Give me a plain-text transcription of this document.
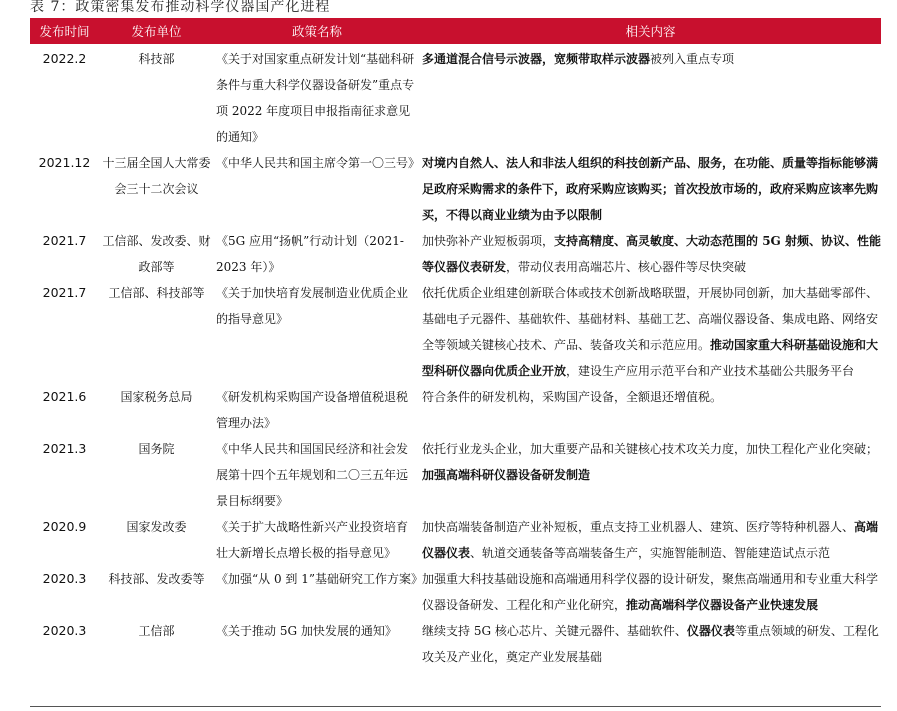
表 7：政策密集发布推动科学仪器国产化进程
发布时间	发布单位	政策名称	相关内容
2022.2	科技部	《关于对国家重点研发计划“基础科研条件与重大科学仪器设备研发”重点专项 2022 年度项目申报指南征求意见的通知》	多通道混合信号示波器，宽频带取样示波器被列入重点专项
2021.12	十三届全国人大常委会三十二次会议	《中华人民共和国主席令第一〇三号》	对境内自然人、法人和非法人组织的科技创新产品、服务，在功能、质量等指标能够满足政府采购需求的条件下，政府采购应该购买；首次投放市场的，政府采购应该率先购买，不得以商业业绩为由予以限制
2021.7	工信部、发改委、财政部等	《5G 应用“扬帆”行动计划（2021-2023 年）》	加快弥补产业短板弱项，支持高精度、高灵敏度、大动态范围的 5G 射频、协议、性能等仪器仪表研发，带动仪表用高端芯片、核心器件等尽快突破
2021.7	工信部、科技部等	《关于加快培育发展制造业优质企业的指导意见》	依托优质企业组建创新联合体或技术创新战略联盟，开展协同创新，加大基础零部件、基础电子元器件、基础软件、基础材料、基础工艺、高端仪器设备、集成电路、网络安全等领域关键核心技术、产品、装备攻关和示范应用。推动国家重大科研基础设施和大型科研仪器向优质企业开放，建设生产应用示范平台和产业技术基础公共服务平台
2021.6	国家税务总局	《研发机构采购国产设备增值税退税管理办法》	符合条件的研发机构，采购国产设备，全额退还增值税。
2021.3	国务院	《中华人民共和国国民经济和社会发展第十四个五年规划和二〇三五年远景目标纲要》	依托行业龙头企业，加大重要产品和关键核心技术攻关力度，加快工程化产业化突破；加强高端科研仪器设备研发制造
2020.9	国家发改委	《关于扩大战略性新兴产业投资培育壮大新增长点增长极的指导意见》	加快高端装备制造产业补短板，重点支持工业机器人、建筑、医疗等特种机器人、高端仪器仪表、轨道交通装备等高端装备生产，实施智能制造、智能建造试点示范
2020.3	科技部、发改委等	《加强“从 0 到 1”基础研究工作方案》	加强重大科技基础设施和高端通用科学仪器的设计研发，聚焦高端通用和专业重大科学仪器设备研发、工程化和产业化研究，推动高端科学仪器设备产业快速发展
2020.3	工信部	《关于推动 5G 加快发展的通知》	继续支持 5G 核心芯片、关键元器件、基础软件、仪器仪表等重点领域的研发、工程化攻关及产业化，奠定产业发展基础
